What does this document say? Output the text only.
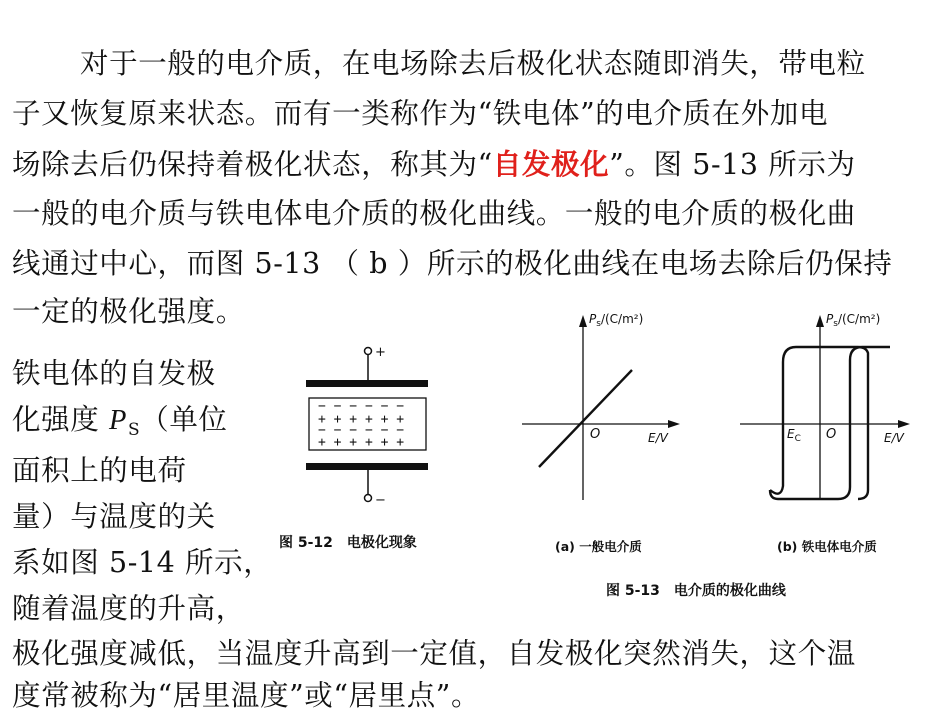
对于一般的电介质，在电场除去后极化状态随即消失，带电粒
子又恢复原来状态。而有一类称作为“铁电体”的电介质在外加电
场除去后仍保持着极化状态，称其为“自发极化”。图 5-13 所示为
一般的电介质与铁电体电介质的极化曲线。一般的电介质的极化曲
线通过中心，而图 5-13 （ b ）所示的极化曲线在电场去除后仍保持
一定的极化强度。
铁电体的自发极
化强度 $P_S$（单位
面积上的电荷
量）与温度的关
系如图 5-14 所示，
随着温度的升高，
极化强度减低，当温度升高到一定值，自发极化突然消失，这个温
度常被称为“居里温度”或“居里点”。
+
−
− − − − − −
+ + + + + +
− − − − − −
+ + + + + +
$P_s/(C/m^2)$
O	E/V
$P_s/(C/m^2)$
O
$E_C$	E/V
图 5-12　电极化现象	(a) 一般电介质	(b) 铁电体电介质
图 5-13　电介质的极化曲线
